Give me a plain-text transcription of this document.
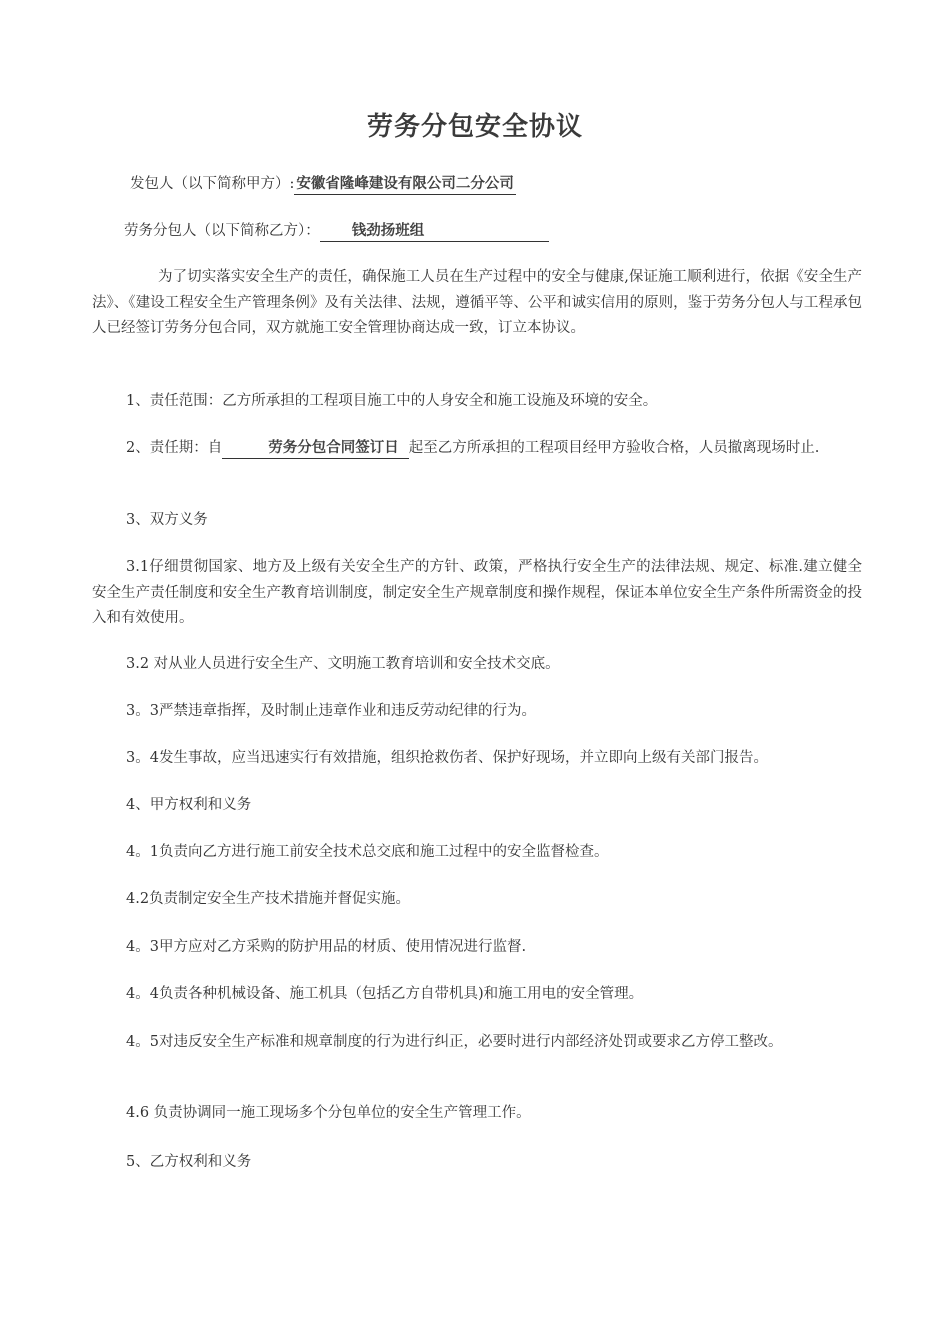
劳务分包安全协议
发包人（以下简称甲方）: 安徽省隆峰建设有限公司二分公司
劳务分包人（以下简称乙方）： 钱劲扬班组
为了切实落实安全生产的责任，确保施工人员在生产过程中的安全与健康,保证施工顺利进行，依据《安全生产法》、《建设工程安全生产管理条例》及有关法律、法规，遵循平等、公平和诚实信用的原则，鉴于劳务分包人与工程承包人已经签订劳务分包合同，双方就施工安全管理协商达成一致，订立本协议。
1、责任范围：乙方所承担的工程项目施工中的人身安全和施工设施及环境的安全。
2、责任期：自	劳务分包合同签订日 起至乙方所承担的工程项目经甲方验收合格，人员撤离现场时止.
3、双方义务
3.1仔细贯彻国家、地方及上级有关安全生产的方针、政策，严格执行安全生产的法律法规、规定、标准.建立健全安全生产责任制度和安全生产教育培训制度，制定安全生产规章制度和操作规程，保证本单位安全生产条件所需资金的投入和有效使用。
3.2 对从业人员进行安全生产、文明施工教育培训和安全技术交底。
3。3严禁违章指挥，及时制止违章作业和违反劳动纪律的行为。
3。4发生事故，应当迅速实行有效措施，组织抢救伤者、保护好现场，并立即向上级有关部门报告。
4、甲方权利和义务
4。1负责向乙方进行施工前安全技术总交底和施工过程中的安全监督检查。
4.2负责制定安全生产技术措施并督促实施。
4。3甲方应对乙方采购的防护用品的材质、使用情况进行监督.
4。4负责各种机械设备、施工机具（包括乙方自带机具)和施工用电的安全管理。
4。5对违反安全生产标准和规章制度的行为进行纠正，必要时进行内部经济处罚或要求乙方停工整改。
4.6 负责协调同一施工现场多个分包单位的安全生产管理工作。
5、乙方权利和义务
